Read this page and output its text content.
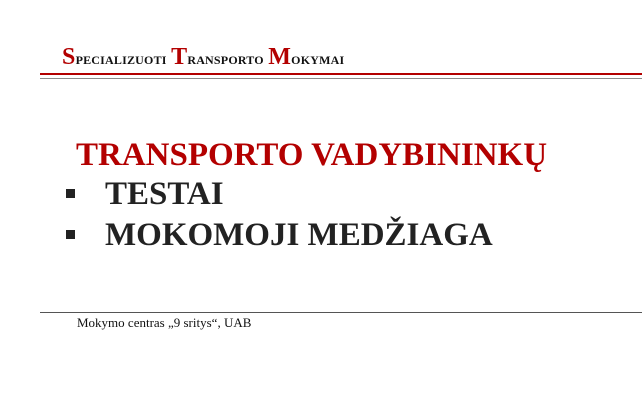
Specializuoti Transporto Mokymai
TRANSPORTO VADYBININKŲ
TESTAI
MOKOMOJI MEDŽIAGA
Mokymo centras „9 sritys“, UAB
